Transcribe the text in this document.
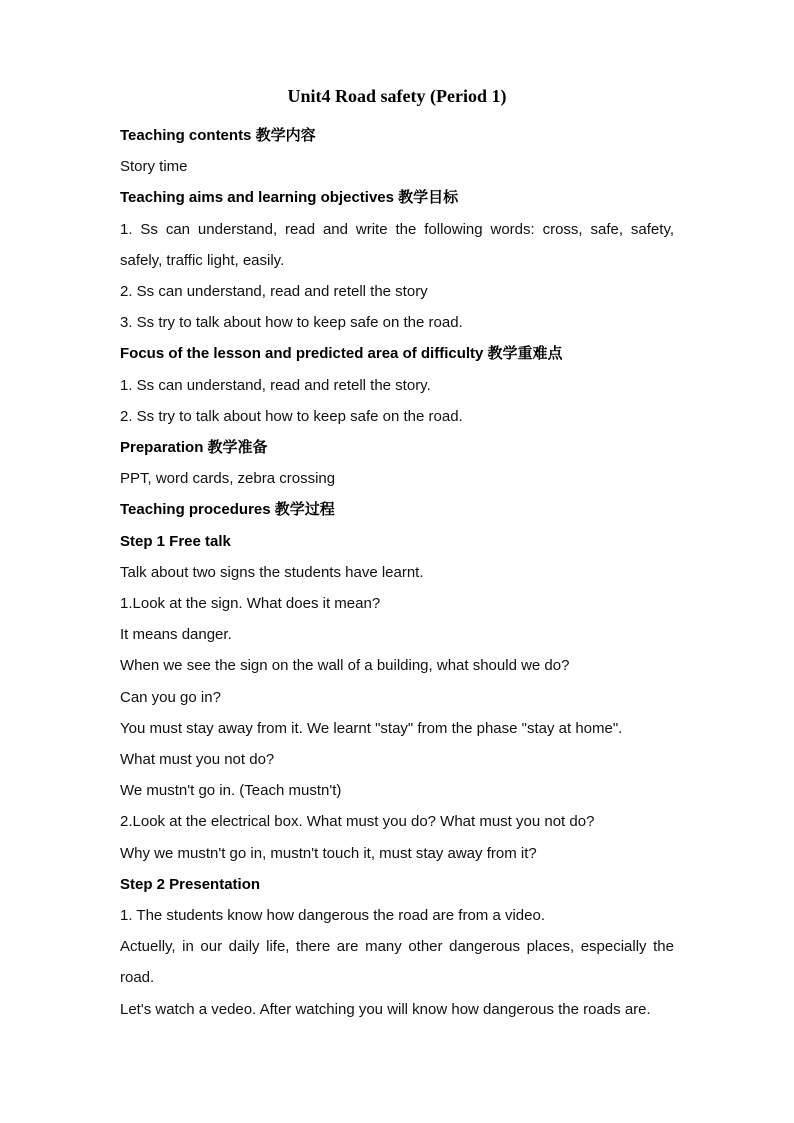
Unit4 Road safety (Period 1)

Teaching contents 教学内容

Story time

Teaching aims and learning objectives 教学目标

1. Ss can understand, read and write the following words: cross, safe, safety, safely, traffic light, easily.

2. Ss can understand, read and retell the story

3. Ss try to talk about how to keep safe on the road.

Focus of the lesson and predicted area of difficulty 教学重难点

1. Ss can understand, read and retell the story.

2. Ss try to talk about how to keep safe on the road.

Preparation 教学准备

PPT, word cards, zebra crossing

Teaching procedures 教学过程

Step 1 Free talk

Talk about two signs the students have learnt.

1.Look at the sign. What does it mean?

It means danger.

When we see the sign on the wall of a building, what should we do?

Can you go in?

You must stay away from it. We learnt "stay" from the phase "stay at home".

What must you not do?

We mustn't go in. (Teach mustn't)

2.Look at the electrical box. What must you do? What must you not do?

Why we mustn't go in, mustn't touch it, must stay away from it?

Step 2 Presentation

1. The students know how dangerous the road are from a video.

Actuelly, in our daily life, there are many other dangerous places, especially the road.

Let's watch a vedeo. After watching you will know how dangerous the roads are.
